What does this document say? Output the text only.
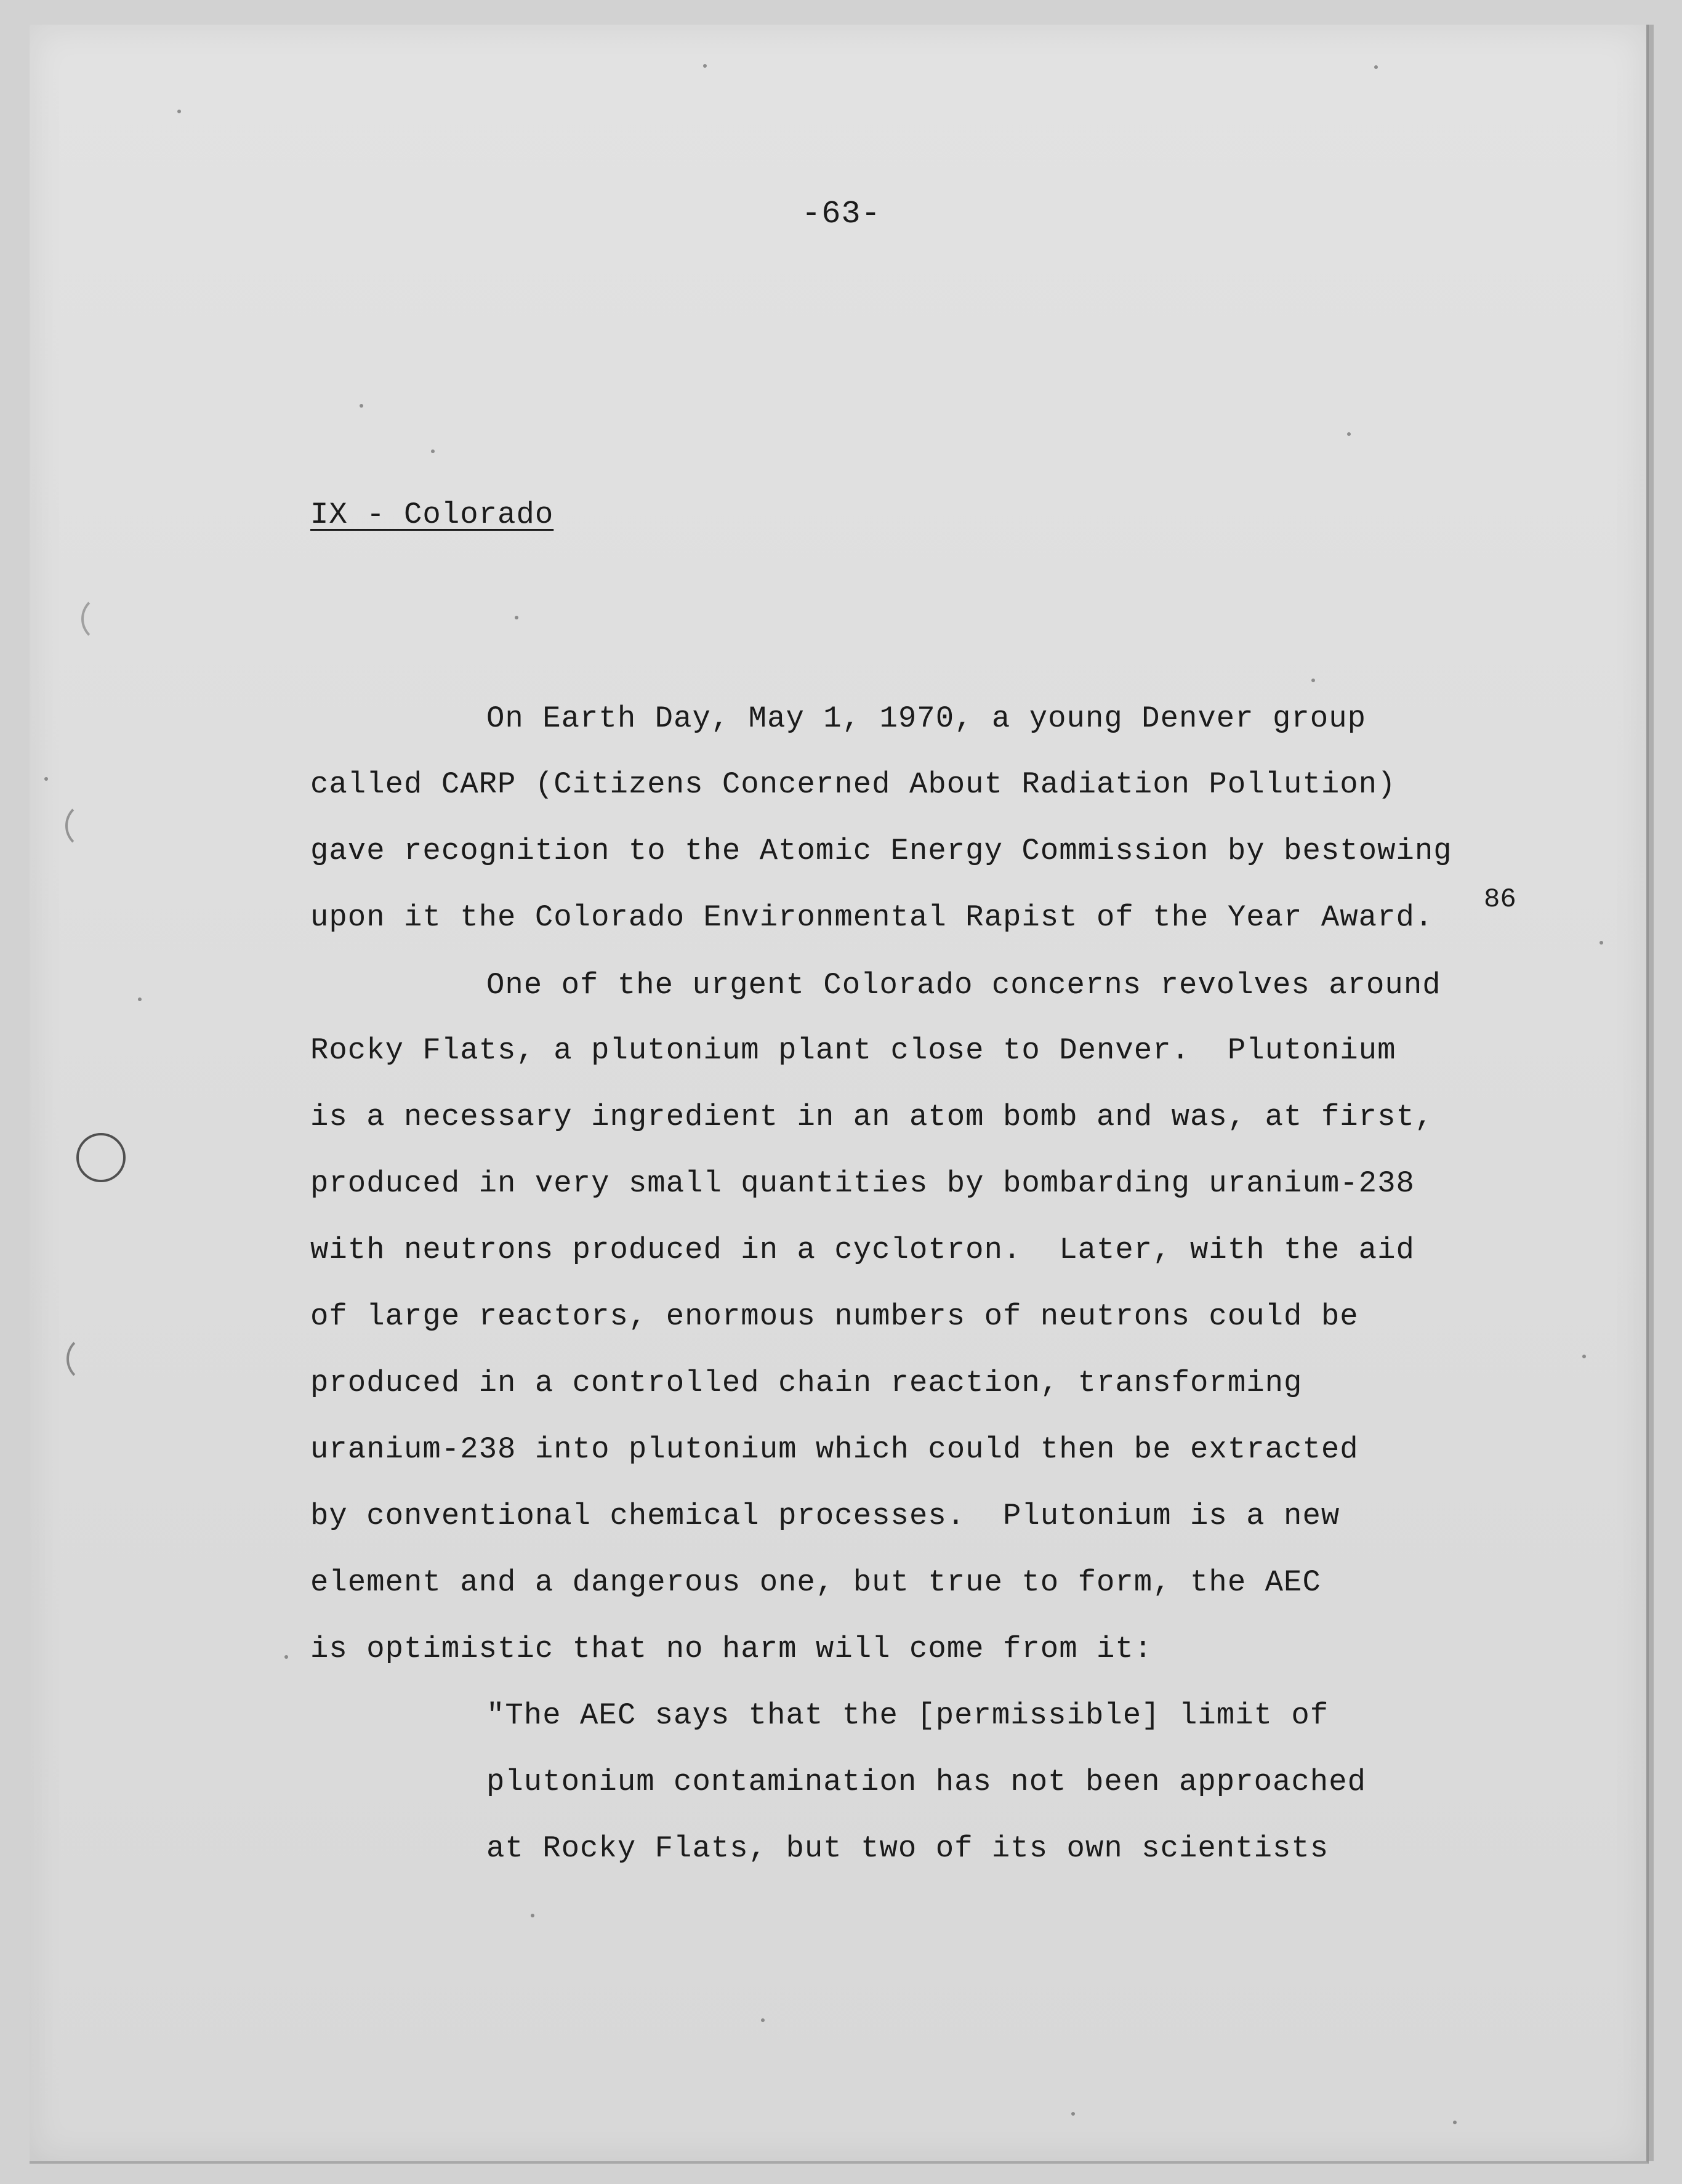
-63-
IX - Colorado
On Earth Day, May 1, 1970, a young Denver group
called CARP (Citizens Concerned About Radiation Pollution)
gave recognition to the Atomic Energy Commission by bestowing
upon it the Colorado Environmental Rapist of the Year Award.
86
One of the urgent Colorado concerns revolves around
Rocky Flats, a plutonium plant close to Denver.  Plutonium
is a necessary ingredient in an atom bomb and was, at first,
produced in very small quantities by bombarding uranium-238
with neutrons produced in a cyclotron.  Later, with the aid
of large reactors, enormous numbers of neutrons could be
produced in a controlled chain reaction, transforming
uranium-238 into plutonium which could then be extracted
by conventional chemical processes.  Plutonium is a new
element and a dangerous one, but true to form, the AEC
is optimistic that no harm will come from it:
"The AEC says that the [permissible] limit of
plutonium contamination has not been approached
at Rocky Flats, but two of its own scientists
